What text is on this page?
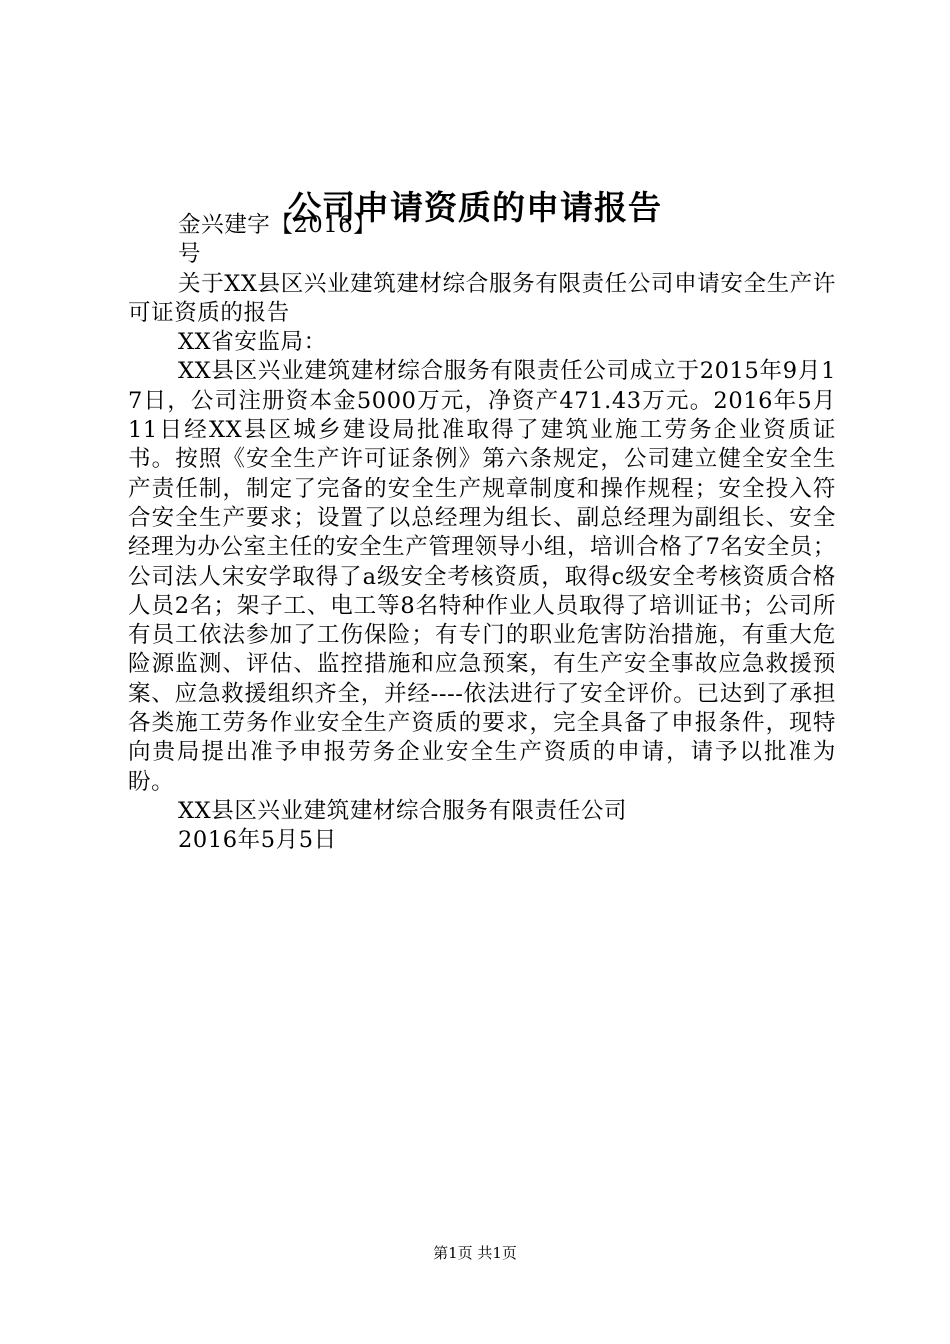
公司申请资质的申请报告

金兴建字【2016】

号

关于XX县区兴业建筑建材综合服务有限责任公司申请安全生产许可证资质的报告

XX省安监局：

XX县区兴业建筑建材综合服务有限责任公司成立于2015年9月17日，公司注册资本金5000万元，净资产471.43万元。2016年5月11日经XX县区城乡建设局批准取得了建筑业施工劳务企业资质证书。按照《安全生产许可证条例》第六条规定，公司建立健全安全生产责任制，制定了完备的安全生产规章制度和操作规程；安全投入符合安全生产要求；设置了以总经理为组长、副总经理为副组长、安全经理为办公室主任的安全生产管理领导小组，培训合格了7名安全员；公司法人宋安学取得了a级安全考核资质，取得c级安全考核资质合格人员2名；架子工、电工等8名特种作业人员取得了培训证书；公司所有员工依法参加了工伤保险；有专门的职业危害防治措施，有重大危险源监测、评估、监控措施和应急预案，有生产安全事故应急救援预案、应急救援组织齐全，并经----依法进行了安全评价。已达到了承担各类施工劳务作业安全生产资质的要求，完全具备了申报条件，现特向贵局提出准予申报劳务企业安全生产资质的申请，请予以批准为盼。

XX县区兴业建筑建材综合服务有限责任公司

2016年5月5日

第1页 共1页
